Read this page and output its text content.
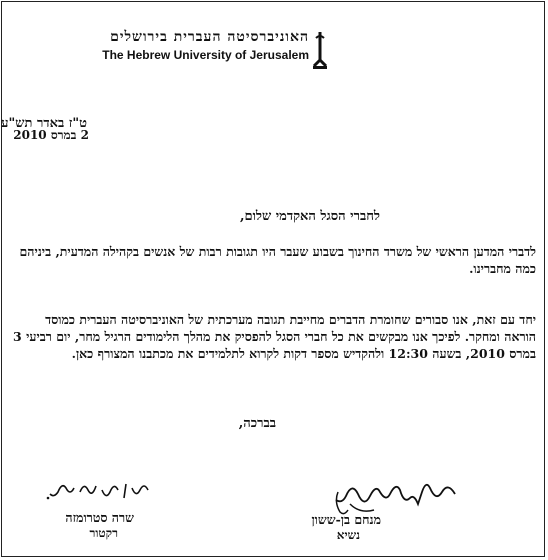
האוניברסיטה העברית בירושלים
The Hebrew University of Jerusalem
ט"ז באדר תש"ע
2 במרס 2010
לחברי הסגל האקדמי שלום,
לדברי המדען הראשי של משרד החינוך בשבוע שעבר היו תגובות רבות של אנשים בקהילה המדעית, ביניהם כמה מחברינו.
יחד עם זאת, אנו סבורים שחומרת הדברים מחייבת תגובה מערכתית של האוניברסיטה העברית כמוסד הוראה ומחקר. לפיכך אנו מבקשים את כל חברי הסגל להפסיק את מהלך הלימודים הרגיל מחר, יום רביעי 3 במרס 2010, בשעה 12:30 ולהקדיש מספר דקות לקרוא לתלמידים את מכתבנו המצורף כאן.
בברכה,
מנחם בן-ששון
נשיא
שרה סטרומזה
רקטור
